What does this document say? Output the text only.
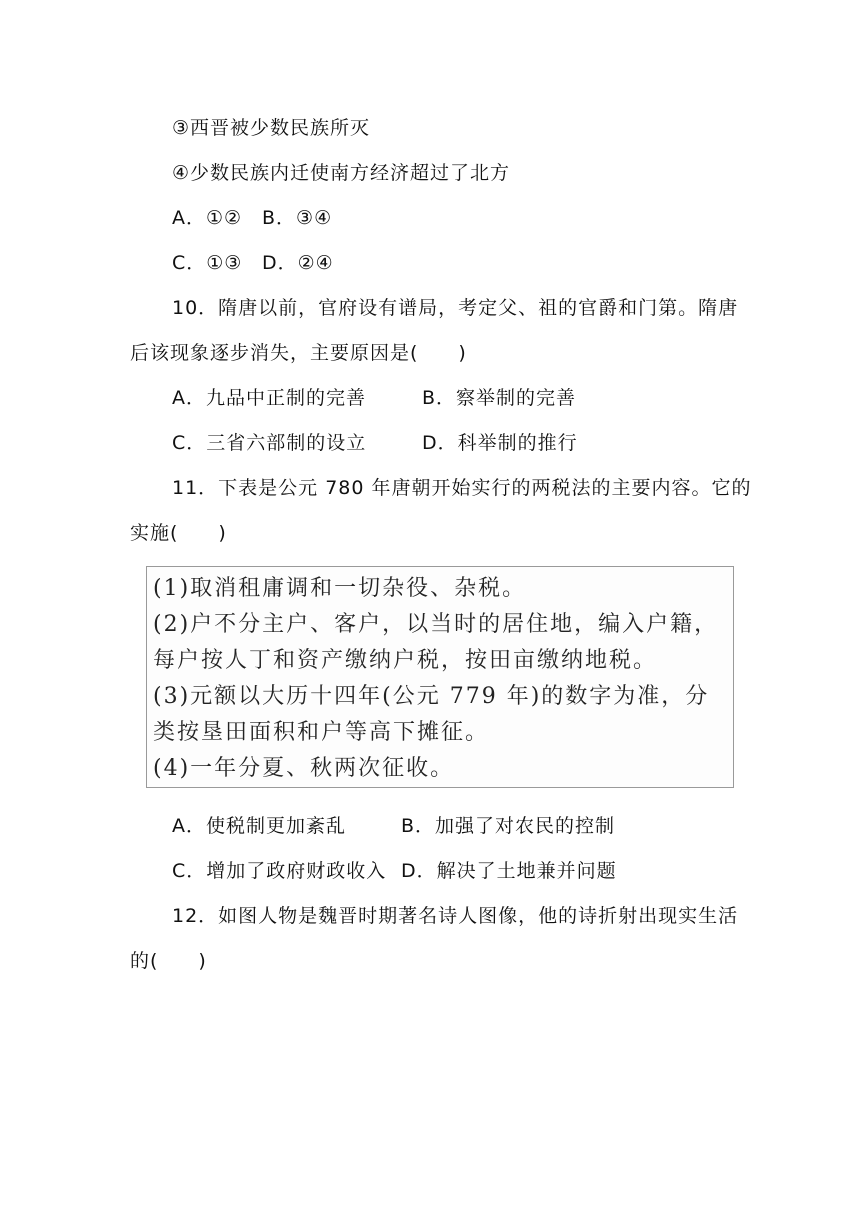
③西晋被少数民族所灭
④少数民族内迁使南方经济超过了北方
A．①② B．③④
C．①③ D．②④
10．隋唐以前，官府设有谱局，考定父、祖的官爵和门第。隋唐
后该现象逐步消失，主要原因是(　　)
A．九品中正制的完善	B．察举制的完善
C．三省六部制的设立	D．科举制的推行
11．下表是公元 780 年唐朝开始实行的两税法的主要内容。它的
实施(　　)
(1)取消租庸调和一切杂役、杂税。
(2)户不分主户、客户，以当时的居住地，编入户籍，
每户按人丁和资产缴纳户税，按田亩缴纳地税。
(3)元额以大历十四年(公元 779 年)的数字为准，分
类按垦田面积和户等高下摊征。
(4)一年分夏、秋两次征收。
A．使税制更加紊乱	B．加强了对农民的控制
C．增加了政府财政收入 D．解决了土地兼并问题
12．如图人物是魏晋时期著名诗人图像，他的诗折射出现实生活
的(　　)
